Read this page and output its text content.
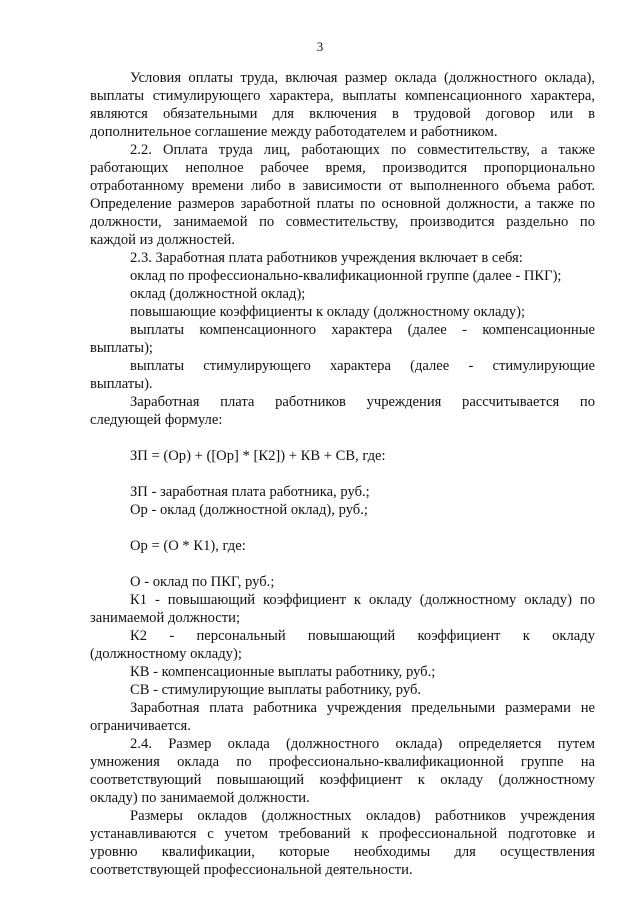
3
Условия оплаты труда, включая размер оклада (должностного оклада),
выплаты стимулирующего характера, выплаты компенсационного характера,
являются обязательными для включения в трудовой договор или в
дополнительное соглашение между работодателем и работником.
2.2. Оплата труда лиц, работающих по совместительству, а также
работающих неполное рабочее время, производится пропорционально
отработанному времени либо в зависимости от выполненного объема работ.
Определение размеров заработной платы по основной должности, а также по
должности, занимаемой по совместительству, производится раздельно по
каждой из должностей.
2.3. Заработная плата работников учреждения включает в себя:
оклад по профессионально-квалификационной группе (далее - ПКГ);
оклад (должностной оклад);
повышающие коэффициенты к окладу (должностному окладу);
выплаты компенсационного характера (далее - компенсационные
выплаты);
выплаты стимулирующего характера (далее - стимулирующие
выплаты).
Заработная плата работников учреждения рассчитывается по
следующей формуле:
ЗП = (Ор) + ([Ор] * [К2]) + КВ + СВ, где:
ЗП - заработная плата работника, руб.;
Ор - оклад (должностной оклад), руб.;
Ор = (О * К1), где:
О - оклад по ПКГ, руб.;
К1 - повышающий коэффициент к окладу (должностному окладу) по
занимаемой должности;
К2 - персональный повышающий коэффициент к окладу
(должностному окладу);
КВ - компенсационные выплаты работнику, руб.;
СВ - стимулирующие выплаты работнику, руб.
Заработная плата работника учреждения предельными размерами не
ограничивается.
2.4. Размер оклада (должностного оклада) определяется путем
умножения оклада по профессионально-квалификационной группе на
соответствующий повышающий коэффициент к окладу (должностному
окладу) по занимаемой должности.
Размеры окладов (должностных окладов) работников учреждения
устанавливаются с учетом требований к профессиональной подготовке и
уровню квалификации, которые необходимы для осуществления
соответствующей профессиональной деятельности.
